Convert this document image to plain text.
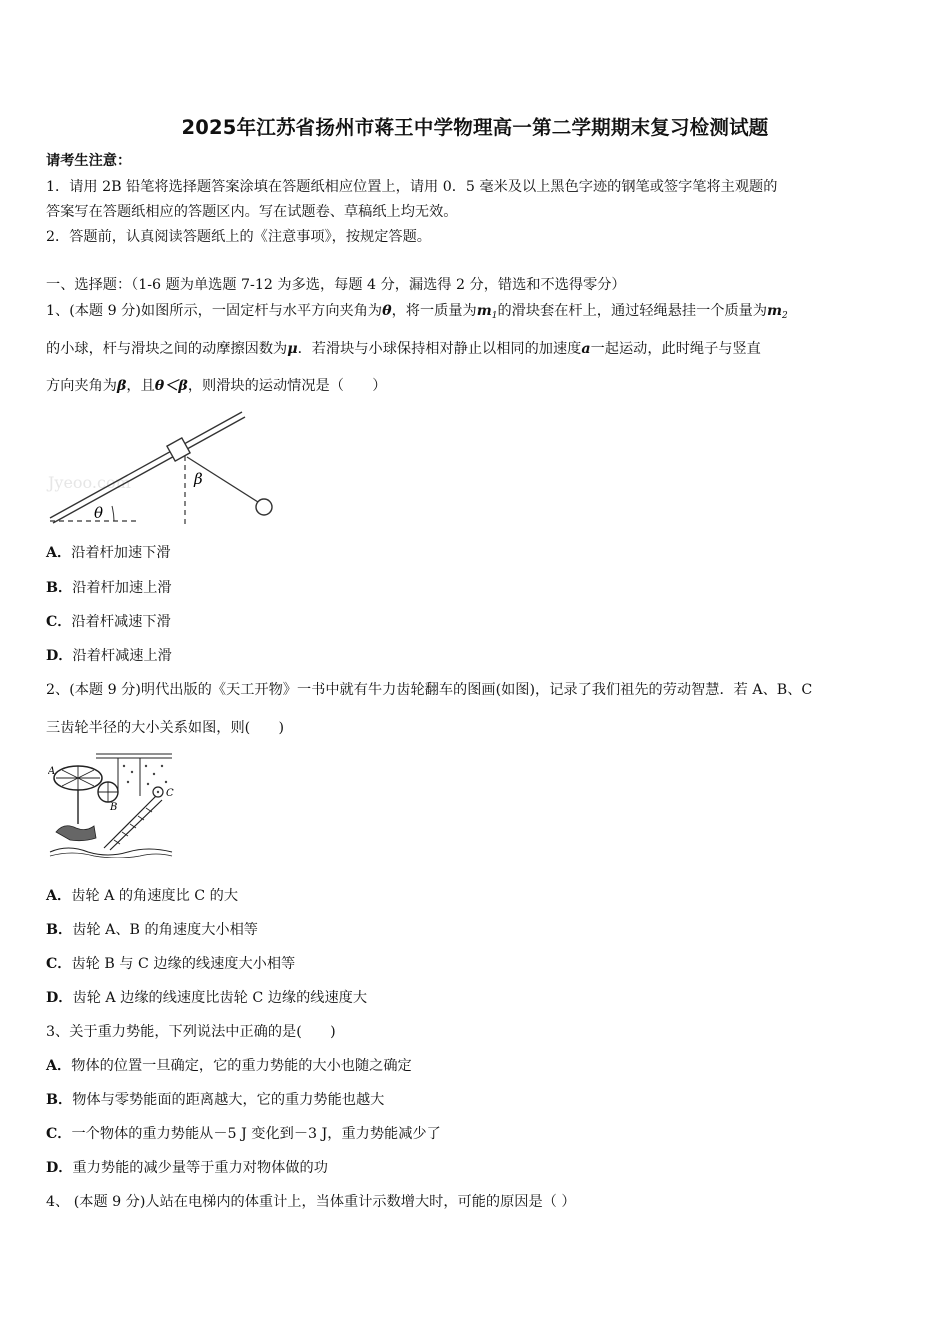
2025年江苏省扬州市蒋王中学物理高一第二学期期末复习检测试题
请考生注意：
1．请用 2B 铅笔将选择题答案涂填在答题纸相应位置上，请用 0．5 毫米及以上黑色字迹的钢笔或签字笔将主观题的
答案写在答题纸相应的答题区内。写在试题卷、草稿纸上均无效。
2．答题前，认真阅读答题纸上的《注意事项》，按规定答题。
一、选择题：（1-6 题为单选题 7-12 为多选，每题 4 分，漏选得 2 分，错选和不选得零分）
1、(本题 9 分)如图所示，一固定杆与水平方向夹角为θ，将一质量为$m_1$的滑块套在杆上，通过轻绳悬挂一个质量为$m_2$
的小球，杆与滑块之间的动摩擦因数为μ．若滑块与小球保持相对静止以相同的加速度a一起运动，此时绳子与竖直
方向夹角为β，且θ＜β，则滑块的运动情况是（　　）
Jyeoo.com
θ
β
A．沿着杆加速下滑
B．沿着杆加速上滑
C．沿着杆减速下滑
D．沿着杆减速上滑
2、(本题 9 分)明代出版的《天工开物》一书中就有牛力齿轮翻车的图画(如图)，记录了我们祖先的劳动智慧．若 A、B、C
三齿轮半径的大小关系如图，则(　　)
A
B
C
A．齿轮 A 的角速度比 C 的大
B．齿轮 A、B 的角速度大小相等
C．齿轮 B 与 C 边缘的线速度大小相等
D．齿轮 A 边缘的线速度比齿轮 C 边缘的线速度大
3、关于重力势能，下列说法中正确的是(　　)
A．物体的位置一旦确定，它的重力势能的大小也随之确定
B．物体与零势能面的距离越大，它的重力势能也越大
C．一个物体的重力势能从－5 J 变化到－3 J，重力势能减少了
D．重力势能的减少量等于重力对物体做的功
4、 (本题 9 分)人站在电梯内的体重计上，当体重计示数增大时，可能的原因是（ ）
